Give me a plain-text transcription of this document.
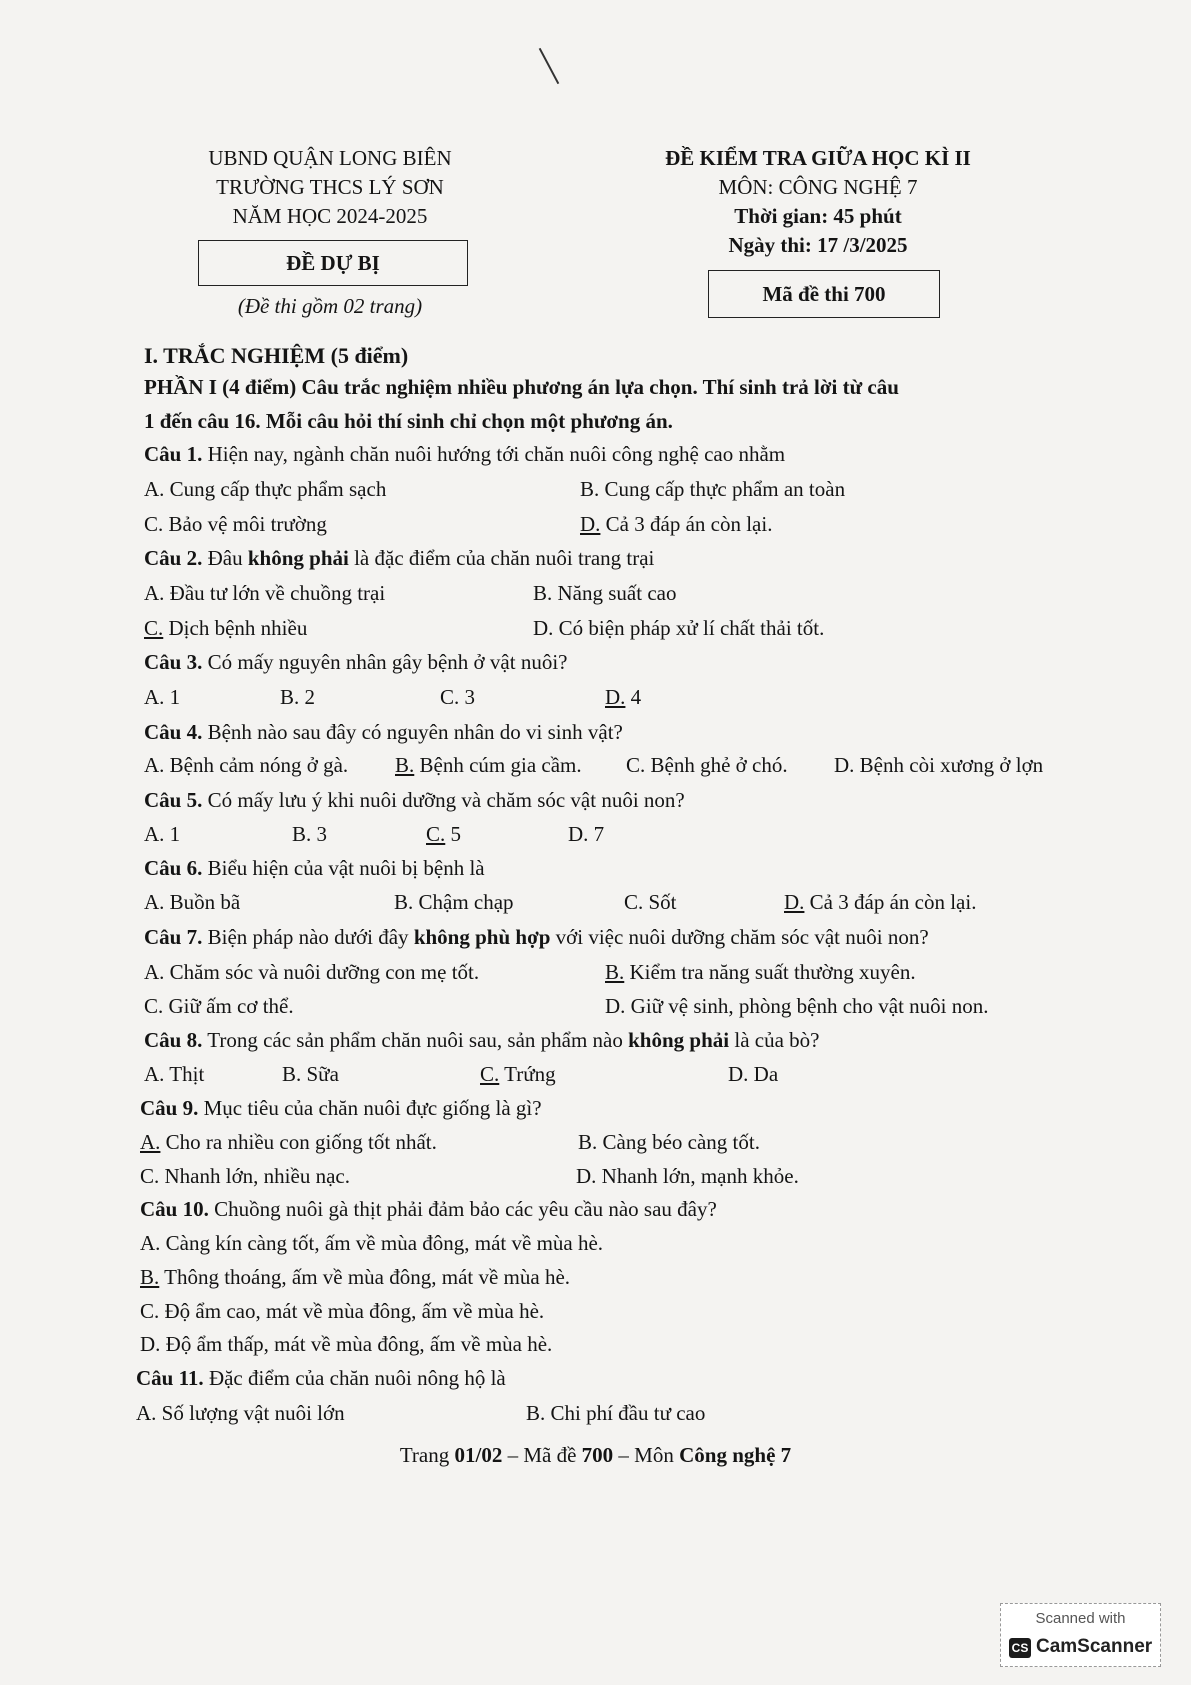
UBND QUẬN LONG BIÊN
TRƯỜNG THCS LÝ SƠN
NĂM HỌC 2024-2025
ĐỀ DỰ BỊ
(Đề thi gồm 02 trang)
ĐỀ KIỂM TRA GIỮA HỌC KÌ II
MÔN: CÔNG NGHỆ 7
Thời gian: 45 phút
Ngày thi: 17 /3/2025
Mã đề thi 700
I. TRẮC NGHIỆM (5 điểm)
PHẦN I (4 điểm) Câu trắc nghiệm nhiều phương án lựa chọn. Thí sinh trả lời từ câu
1 đến câu 16. Mỗi câu hỏi thí sinh chỉ chọn một phương án.
Câu 1. Hiện nay, ngành chăn nuôi hướng tới chăn nuôi công nghệ cao nhằm
A. Cung cấp thực phẩm sạch	B. Cung cấp thực phẩm an toàn
C. Bảo vệ môi trường	D. Cả 3 đáp án còn lại.
Câu 2. Đâu không phải là đặc điểm của chăn nuôi trang trại
A. Đầu tư lớn về chuồng trại	B. Năng suất cao
C. Dịch bệnh nhiều	D. Có biện pháp xử lí chất thải tốt.
Câu 3. Có mấy nguyên nhân gây bệnh ở vật nuôi?
A. 1	B. 2	C. 3	D. 4
Câu 4. Bệnh nào sau đây có nguyên nhân do vi sinh vật?
A. Bệnh cảm nóng ở gà. B. Bệnh cúm gia cầm. C. Bệnh ghẻ ở chó. D. Bệnh còi xương ở lợn
Câu 5. Có mấy lưu ý khi nuôi dưỡng và chăm sóc vật nuôi non?
A. 1	B. 3	C. 5	D. 7
Câu 6. Biểu hiện của vật nuôi bị bệnh là
A. Buồn bã	B. Chậm chạp	C. Sốt	D. Cả 3 đáp án còn lại.
Câu 7. Biện pháp nào dưới đây không phù hợp với việc nuôi dưỡng chăm sóc vật nuôi non?
A. Chăm sóc và nuôi dưỡng con mẹ tốt.	B. Kiểm tra năng suất thường xuyên.
C. Giữ ấm cơ thể.	D. Giữ vệ sinh, phòng bệnh cho vật nuôi non.
Câu 8. Trong các sản phẩm chăn nuôi sau, sản phẩm nào không phải là của bò?
A. Thịt	B. Sữa	C. Trứng	D. Da
Câu 9. Mục tiêu của chăn nuôi đực giống là gì?
A. Cho ra nhiều con giống tốt nhất.	B. Càng béo càng tốt.
C. Nhanh lớn, nhiều nạc.	D. Nhanh lớn, mạnh khỏe.
Câu 10. Chuồng nuôi gà thịt phải đảm bảo các yêu cầu nào sau đây?
A. Càng kín càng tốt, ấm về mùa đông, mát về mùa hè.
B. Thông thoáng, ấm về mùa đông, mát về mùa hè.
C. Độ ẩm cao, mát về mùa đông, ấm về mùa hè.
D. Độ ẩm thấp, mát về mùa đông, ấm về mùa hè.
Câu 11. Đặc điểm của chăn nuôi nông hộ là
A. Số lượng vật nuôi lớn	B. Chi phí đầu tư cao
Trang 01/02 – Mã đề 700 – Môn Công nghệ 7
Scanned with
CS CamScanner
